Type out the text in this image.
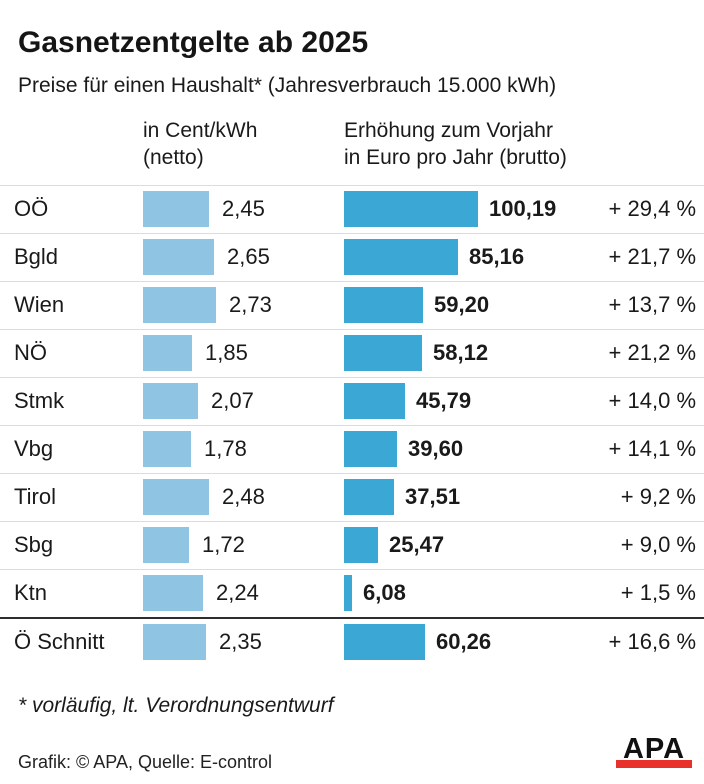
Gasnetzentgelte ab 2025
Preise für einen Haushalt* (Jahresverbrauch 15.000 kWh)
in Cent/kWh
(netto)
Erhöhung zum Vorjahr
in Euro pro Jahr (brutto)
OÖ	2,45	100,19 + 29,4 %
Bgld	2,65	85,16	+ 21,7 %
Wien	2,73	59,20	+ 13,7 %
NÖ	1,85	58,12	+ 21,2 %
Stmk	2,07	45,79	+ 14,0 %
Vbg	1,78	39,60	+ 14,1 %
Tirol	2,48	37,51	+ 9,2 %
Sbg	1,72	25,47	+ 9,0 %
Ktn	2,24	6,08	+ 1,5 %
Ö Schnitt	2,35	60,26	+ 16,6 %
* vorläufig, lt. Verordnungsentwurf
Grafik: © APA, Quelle: E-control	APA
